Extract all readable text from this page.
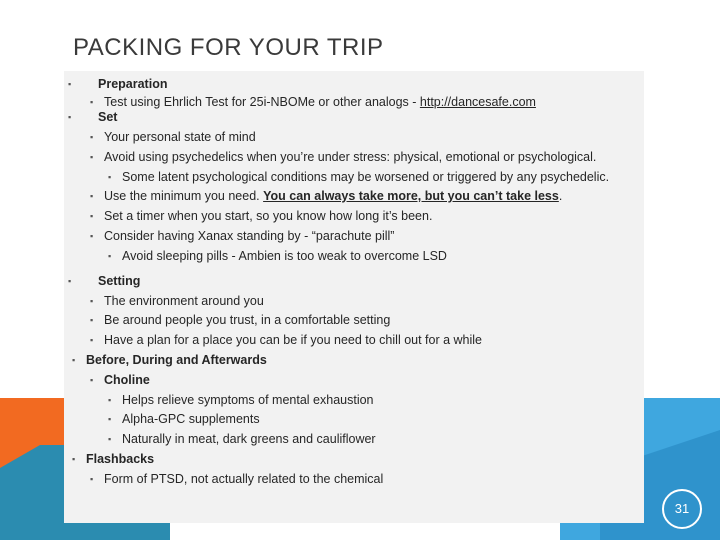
PACKING FOR YOUR TRIP
▪ Preparation
▪ Test using Ehrlich Test for 25i-NBOMe or other analogs - http://dancesafe.com
▪ Set
▪ Your personal state of mind
▪ Avoid using psychedelics when you’re under stress: physical, emotional or psychological.
▪ Some latent psychological conditions may be worsened or triggered by any psychedelic.
▪ Use the minimum you need. You can always take more, but you can’t take less.
▪ Set a timer when you start, so you know how long it’s been.
▪ Consider having Xanax standing by - “parachute pill”
▪ Avoid sleeping pills - Ambien is too weak to overcome LSD
▪ Setting
▪ The environment around you
▪ Be around people you trust, in a comfortable setting
▪ Have a plan for a place you can be if you need to chill out for a while
▪ Before, During and Afterwards
▪ Choline
▪ Helps relieve symptoms of mental exhaustion
▪ Alpha-GPC supplements
▪ Naturally in meat, dark greens and cauliflower
▪ Flashbacks
▪ Form of PTSD, not actually related to the chemical
31
